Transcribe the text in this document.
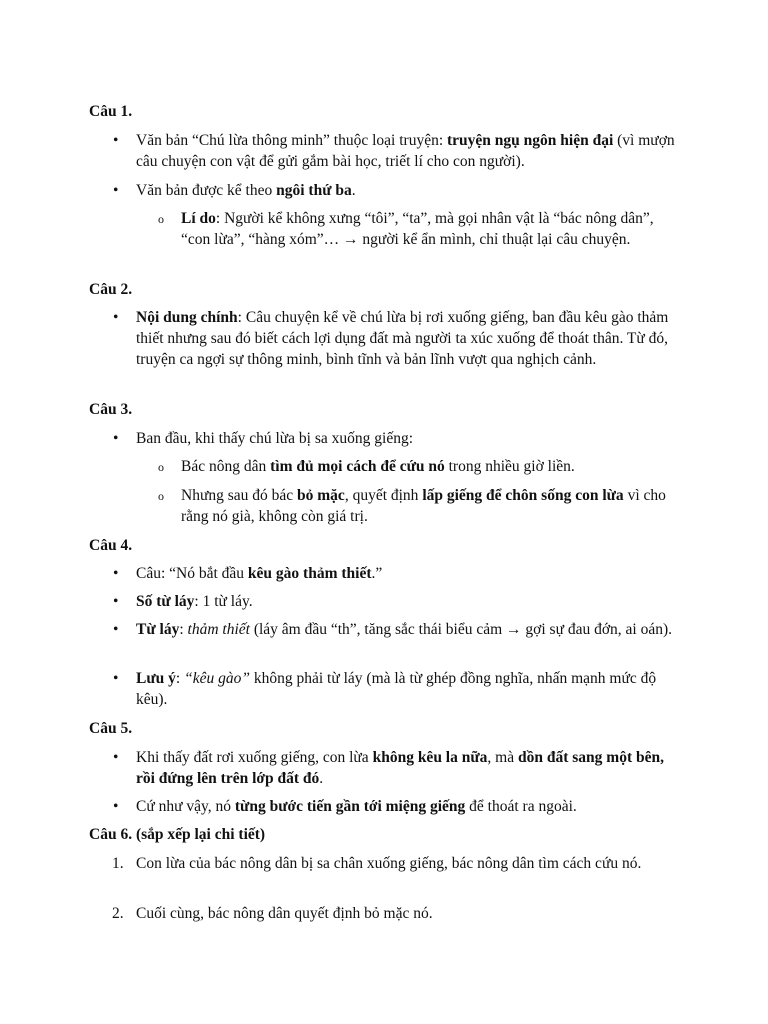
Câu 1.
• Văn bản “Chú lừa thông minh” thuộc loại truyện: truyện ngụ ngôn hiện đại (vì mượn câu chuyện con vật để gửi gắm bài học, triết lí cho con người).
• Văn bản được kể theo ngôi thứ ba.
o Lí do: Người kể không xưng “tôi”, “ta”, mà gọi nhân vật là “bác nông dân”, “con lừa”, “hàng xóm”… → người kể ẩn mình, chỉ thuật lại câu chuyện.
Câu 2.
• Nội dung chính: Câu chuyện kể về chú lừa bị rơi xuống giếng, ban đầu kêu gào thảm thiết nhưng sau đó biết cách lợi dụng đất mà người ta xúc xuống để thoát thân. Từ đó, truyện ca ngợi sự thông minh, bình tĩnh và bản lĩnh vượt qua nghịch cảnh.
Câu 3.
• Ban đầu, khi thấy chú lừa bị sa xuống giếng:
o Bác nông dân tìm đủ mọi cách để cứu nó trong nhiều giờ liền.
o Nhưng sau đó bác bỏ mặc, quyết định lấp giếng để chôn sống con lừa vì cho rằng nó già, không còn giá trị.
Câu 4.
• Câu: “Nó bắt đầu kêu gào thảm thiết.”
• Số từ láy: 1 từ láy.
• Từ láy: thảm thiết (láy âm đầu “th”, tăng sắc thái biểu cảm → gợi sự đau đớn, ai oán).
• Lưu ý: “kêu gào” không phải từ láy (mà là từ ghép đồng nghĩa, nhấn mạnh mức độ kêu).
Câu 5.
• Khi thấy đất rơi xuống giếng, con lừa không kêu la nữa, mà dồn đất sang một bên, rồi đứng lên trên lớp đất đó.
• Cứ như vậy, nó từng bước tiến gần tới miệng giếng để thoát ra ngoài.
Câu 6. (sắp xếp lại chi tiết)
1. Con lừa của bác nông dân bị sa chân xuống giếng, bác nông dân tìm cách cứu nó.
2. Cuối cùng, bác nông dân quyết định bỏ mặc nó.
